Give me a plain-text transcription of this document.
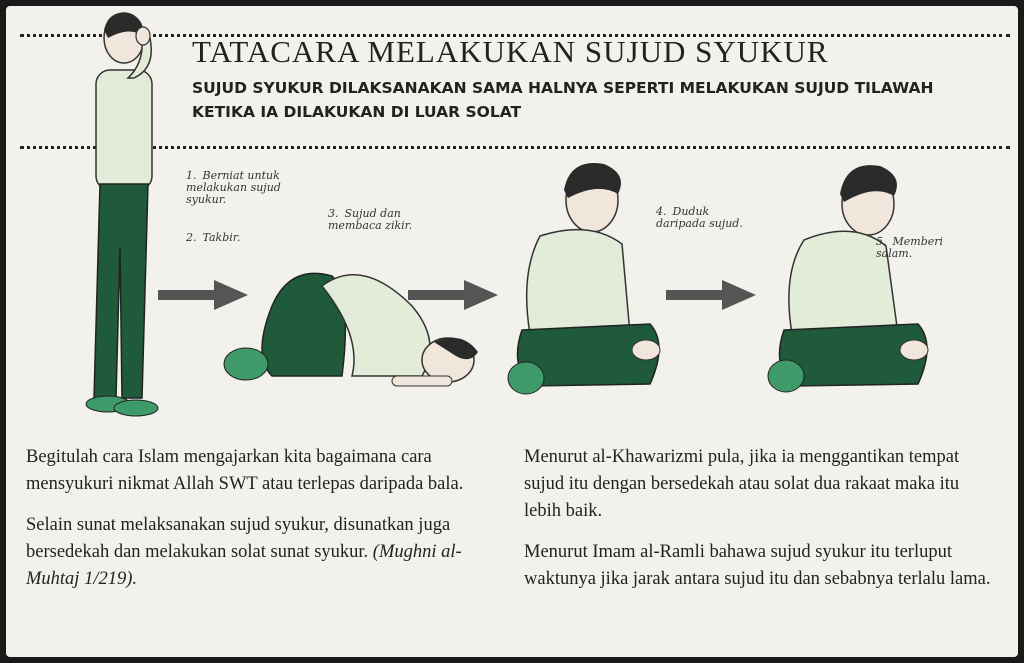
TATACARA MELAKUKAN SUJUD SYUKUR
SUJUD SYUKUR DILAKSANAKAN SAMA HALNYA SEPERTI MELAKUKAN SUJUD TILAWAH KETIKA IA DILAKUKAN DI LUAR SOLAT
1. Berniat untuk melakukan sujud syukur.
2. Takbir.
3. Sujud dan membaca zikir.
4. Duduk daripada sujud.
5. Memberi salam.

Begitulah cara Islam mengajarkan kita bagaimana cara mensyukuri nikmat Allah SWT atau terlepas daripada bala.

Selain sunat melaksanakan sujud syukur, disunatkan juga bersedekah dan melakukan solat sunat syukur. (Mughni al-Muhtaj 1/219).

Menurut al-Khawarizmi pula, jika ia menggantikan tempat sujud itu dengan bersedekah atau solat dua rakaat maka itu lebih baik.

Menurut Imam al-Ramli bahawa sujud syukur itu terluput waktunya jika jarak antara sujud itu dan sebabnya terlalu lama.
